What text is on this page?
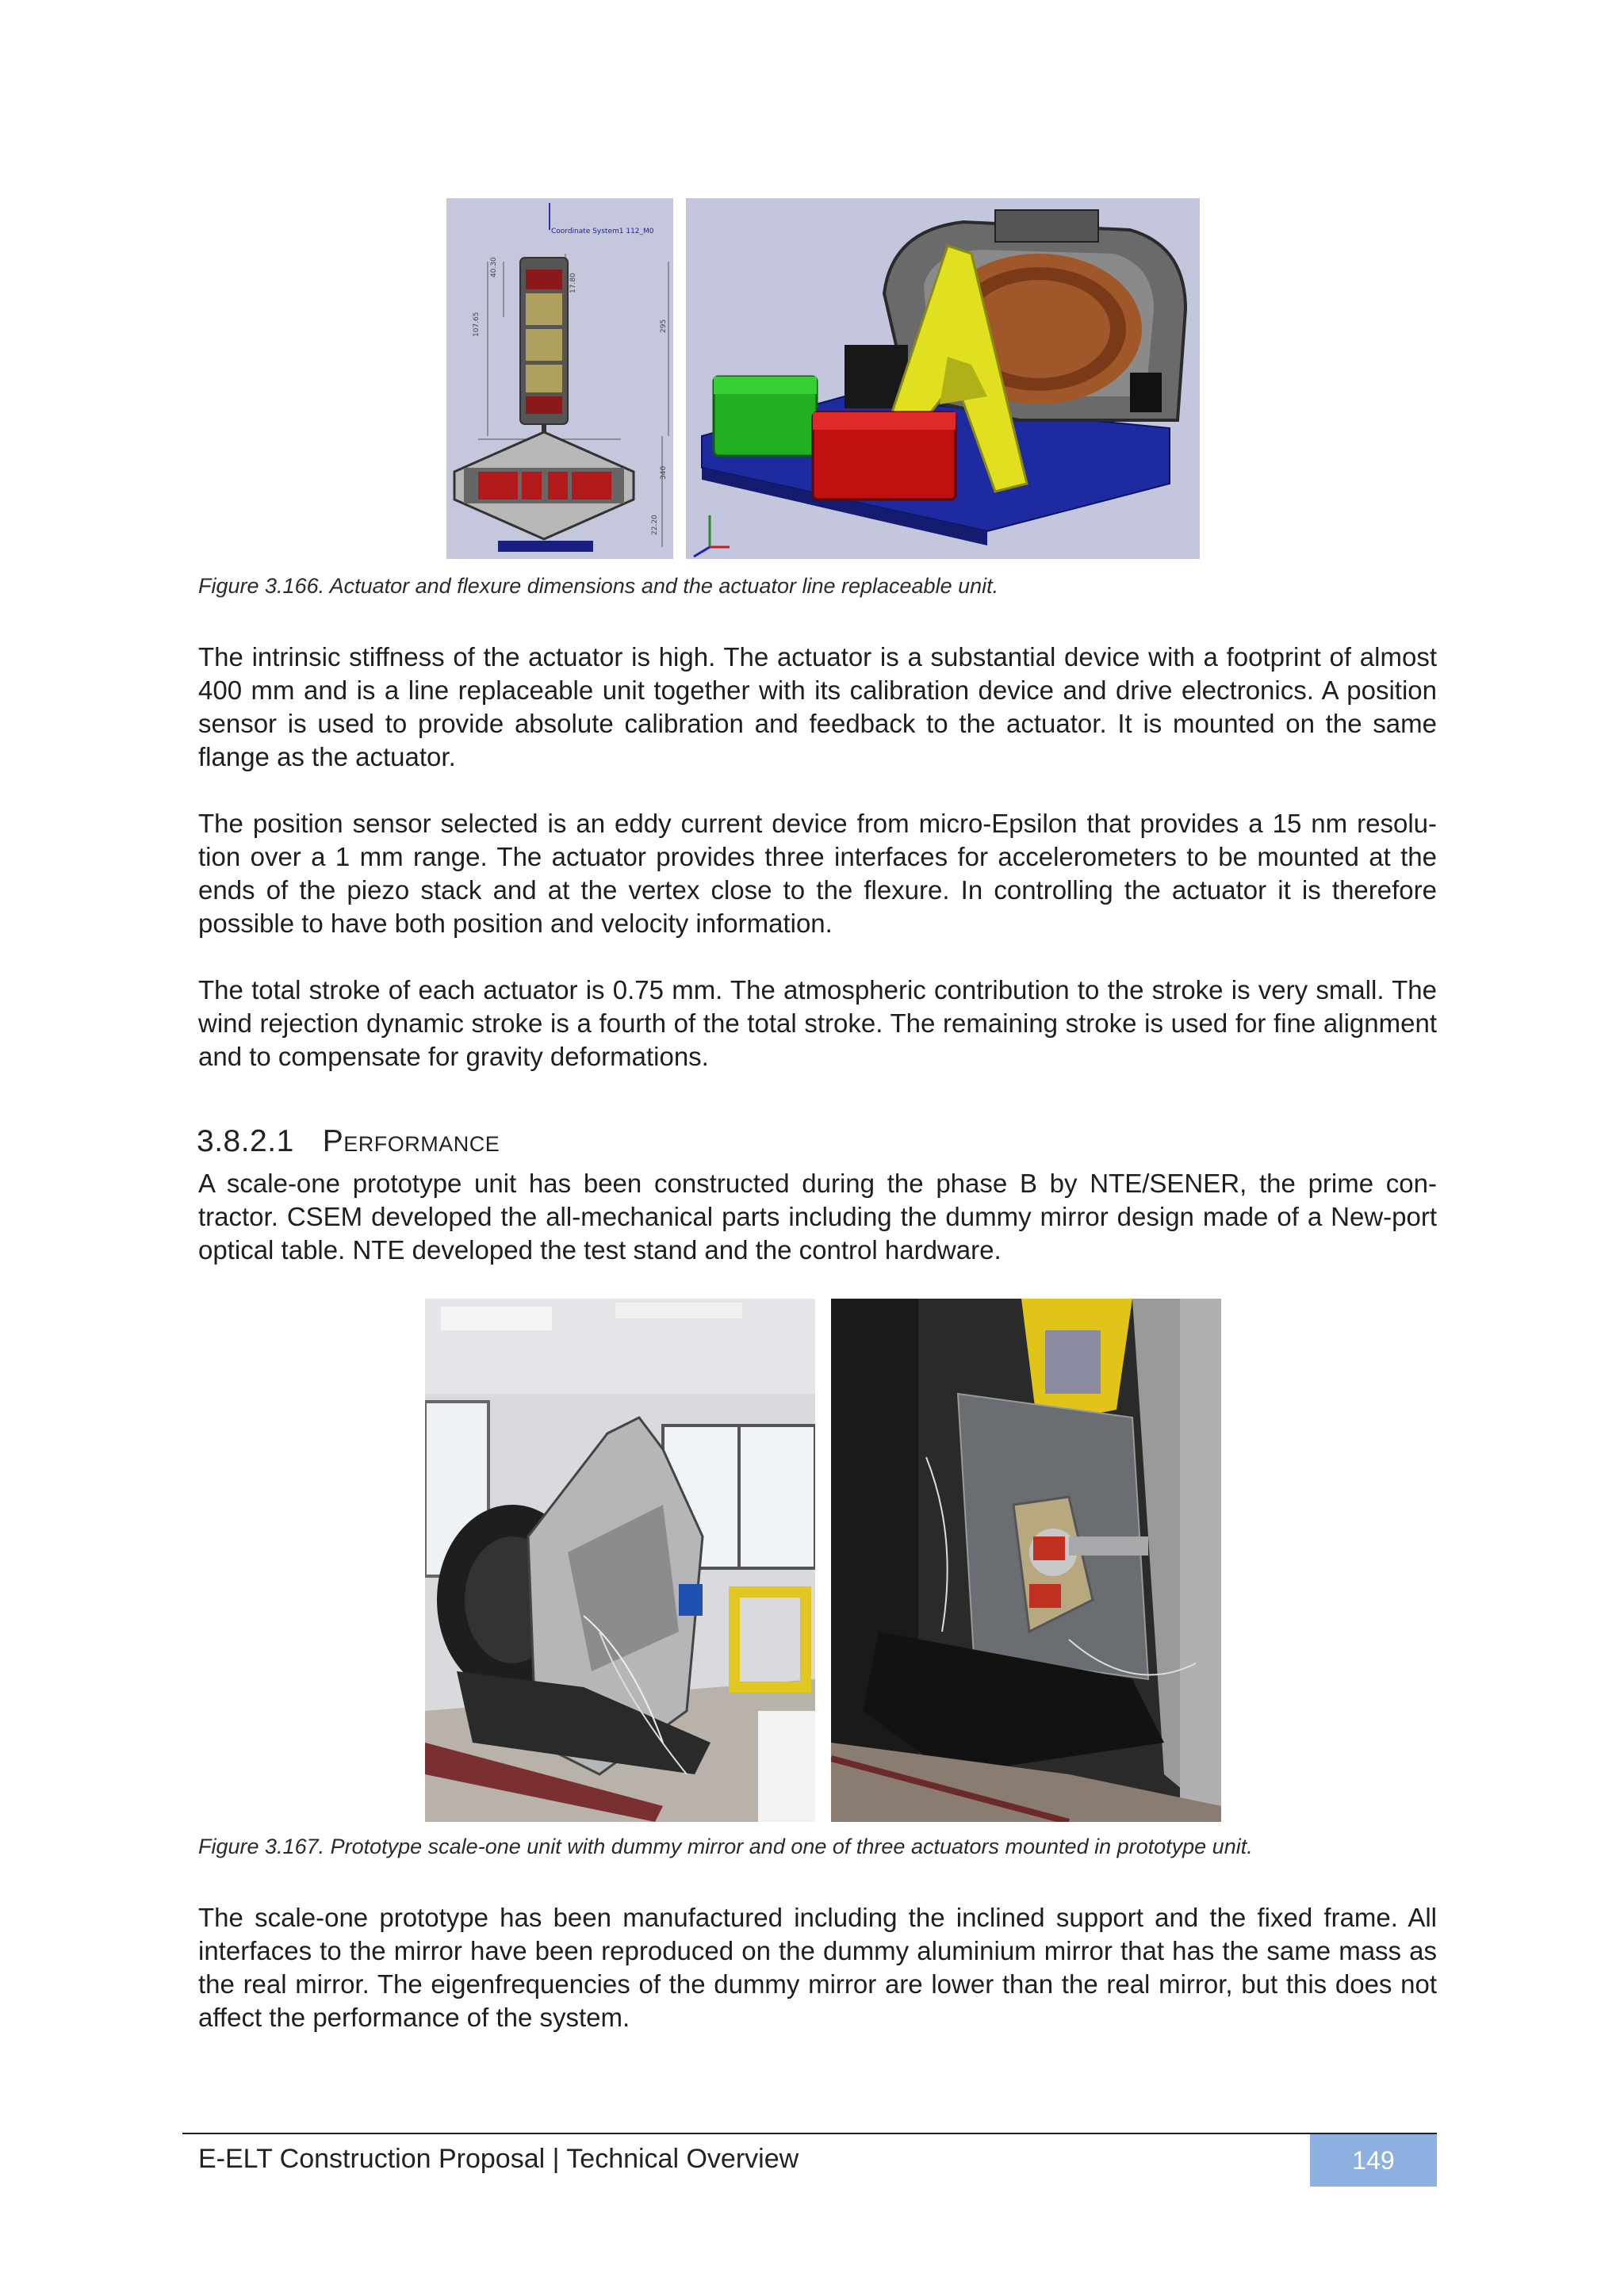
Coordinate System1 112_M0
40.30
107.65
17.80
295
340
22.20
Figure 3.166. Actuator and flexure dimensions and the actuator line replaceable unit.
The intrinsic stiffness of the actuator is high. The actuator is a substantial device with a footprint of almost 400 mm and is a line replaceable unit together with its calibration device and drive electronics. A position sensor is used to provide absolute calibration and feedback to the actuator. It is mounted on the same flange as the actuator.
The position sensor selected is an eddy current device from micro-Epsilon that provides a 15 nm resolu-tion over a 1 mm range. The actuator provides three interfaces for accelerometers to be mounted at the ends of the piezo stack and at the vertex close to the flexure. In controlling the actuator it is therefore possible to have both position and velocity information.
The total stroke of each actuator is 0.75 mm. The atmospheric contribution to the stroke is very small. The wind rejection dynamic stroke is a fourth of the total stroke. The remaining stroke is used for fine alignment and to compensate for gravity deformations.
3.8.2.1 Performance
A scale-one prototype unit has been constructed during the phase B by NTE/SENER, the prime con-tractor. CSEM developed the all-mechanical parts including the dummy mirror design made of a New-port optical table. NTE developed the test stand and the control hardware.
Figure 3.167. Prototype scale-one unit with dummy mirror and one of three actuators mounted in prototype unit.
The scale-one prototype has been manufactured including the inclined support and the fixed frame. All interfaces to the mirror have been reproduced on the dummy aluminium mirror that has the same mass as the real mirror. The eigenfrequencies of the dummy mirror are lower than the real mirror, but this does not affect the performance of the system.
E-ELT Construction Proposal | Technical Overview	149
